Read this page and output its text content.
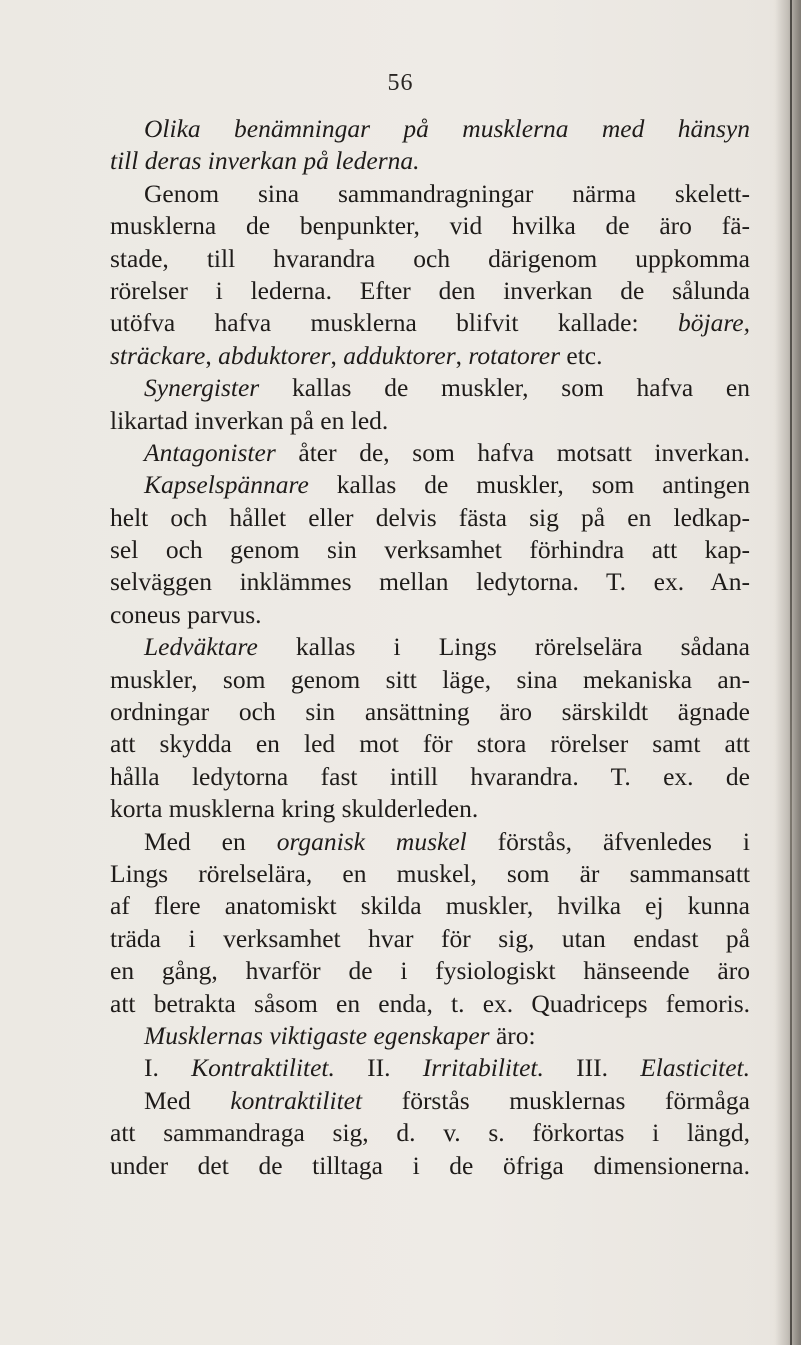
56
Olika benämningar på musklerna med hänsyn
till deras inverkan på lederna.
Genom sina sammandragningar närma skelett-
musklerna de benpunkter, vid hvilka de äro fä-
stade, till hvarandra och därigenom uppkomma
rörelser i lederna. Efter den inverkan de sålunda
utöfva hafva musklerna blifvit kallade: böjare,
sträckare, abduktorer, adduktorer, rotatorer etc.
Synergister kallas de muskler, som hafva en
likartad inverkan på en led.
Antagonister åter de, som hafva motsatt inverkan.
Kapselspännare kallas de muskler, som antingen
helt och hållet eller delvis fästa sig på en ledkap-
sel och genom sin verksamhet förhindra att kap-
selväggen inklämmes mellan ledytorna. T. ex. An-
coneus parvus.
Ledväktare kallas i Lings rörelselära sådana
muskler, som genom sitt läge, sina mekaniska an-
ordningar och sin ansättning äro särskildt ägnade
att skydda en led mot för stora rörelser samt att
hålla ledytorna fast intill hvarandra. T. ex. de
korta musklerna kring skulderleden.
Med en organisk muskel förstås, äfvenledes i
Lings rörelselära, en muskel, som är sammansatt
af flere anatomiskt skilda muskler, hvilka ej kunna
träda i verksamhet hvar för sig, utan endast på
en gång, hvarför de i fysiologiskt hänseende äro
att betrakta såsom en enda, t. ex. Quadriceps femoris.
Musklernas viktigaste egenskaper äro:
I. Kontraktilitet. II. Irritabilitet. III. Elasticitet.
Med kontraktilitet förstås musklernas förmåga
att sammandraga sig, d. v. s. förkortas i längd,
under det de tilltaga i de öfriga dimensionerna.
